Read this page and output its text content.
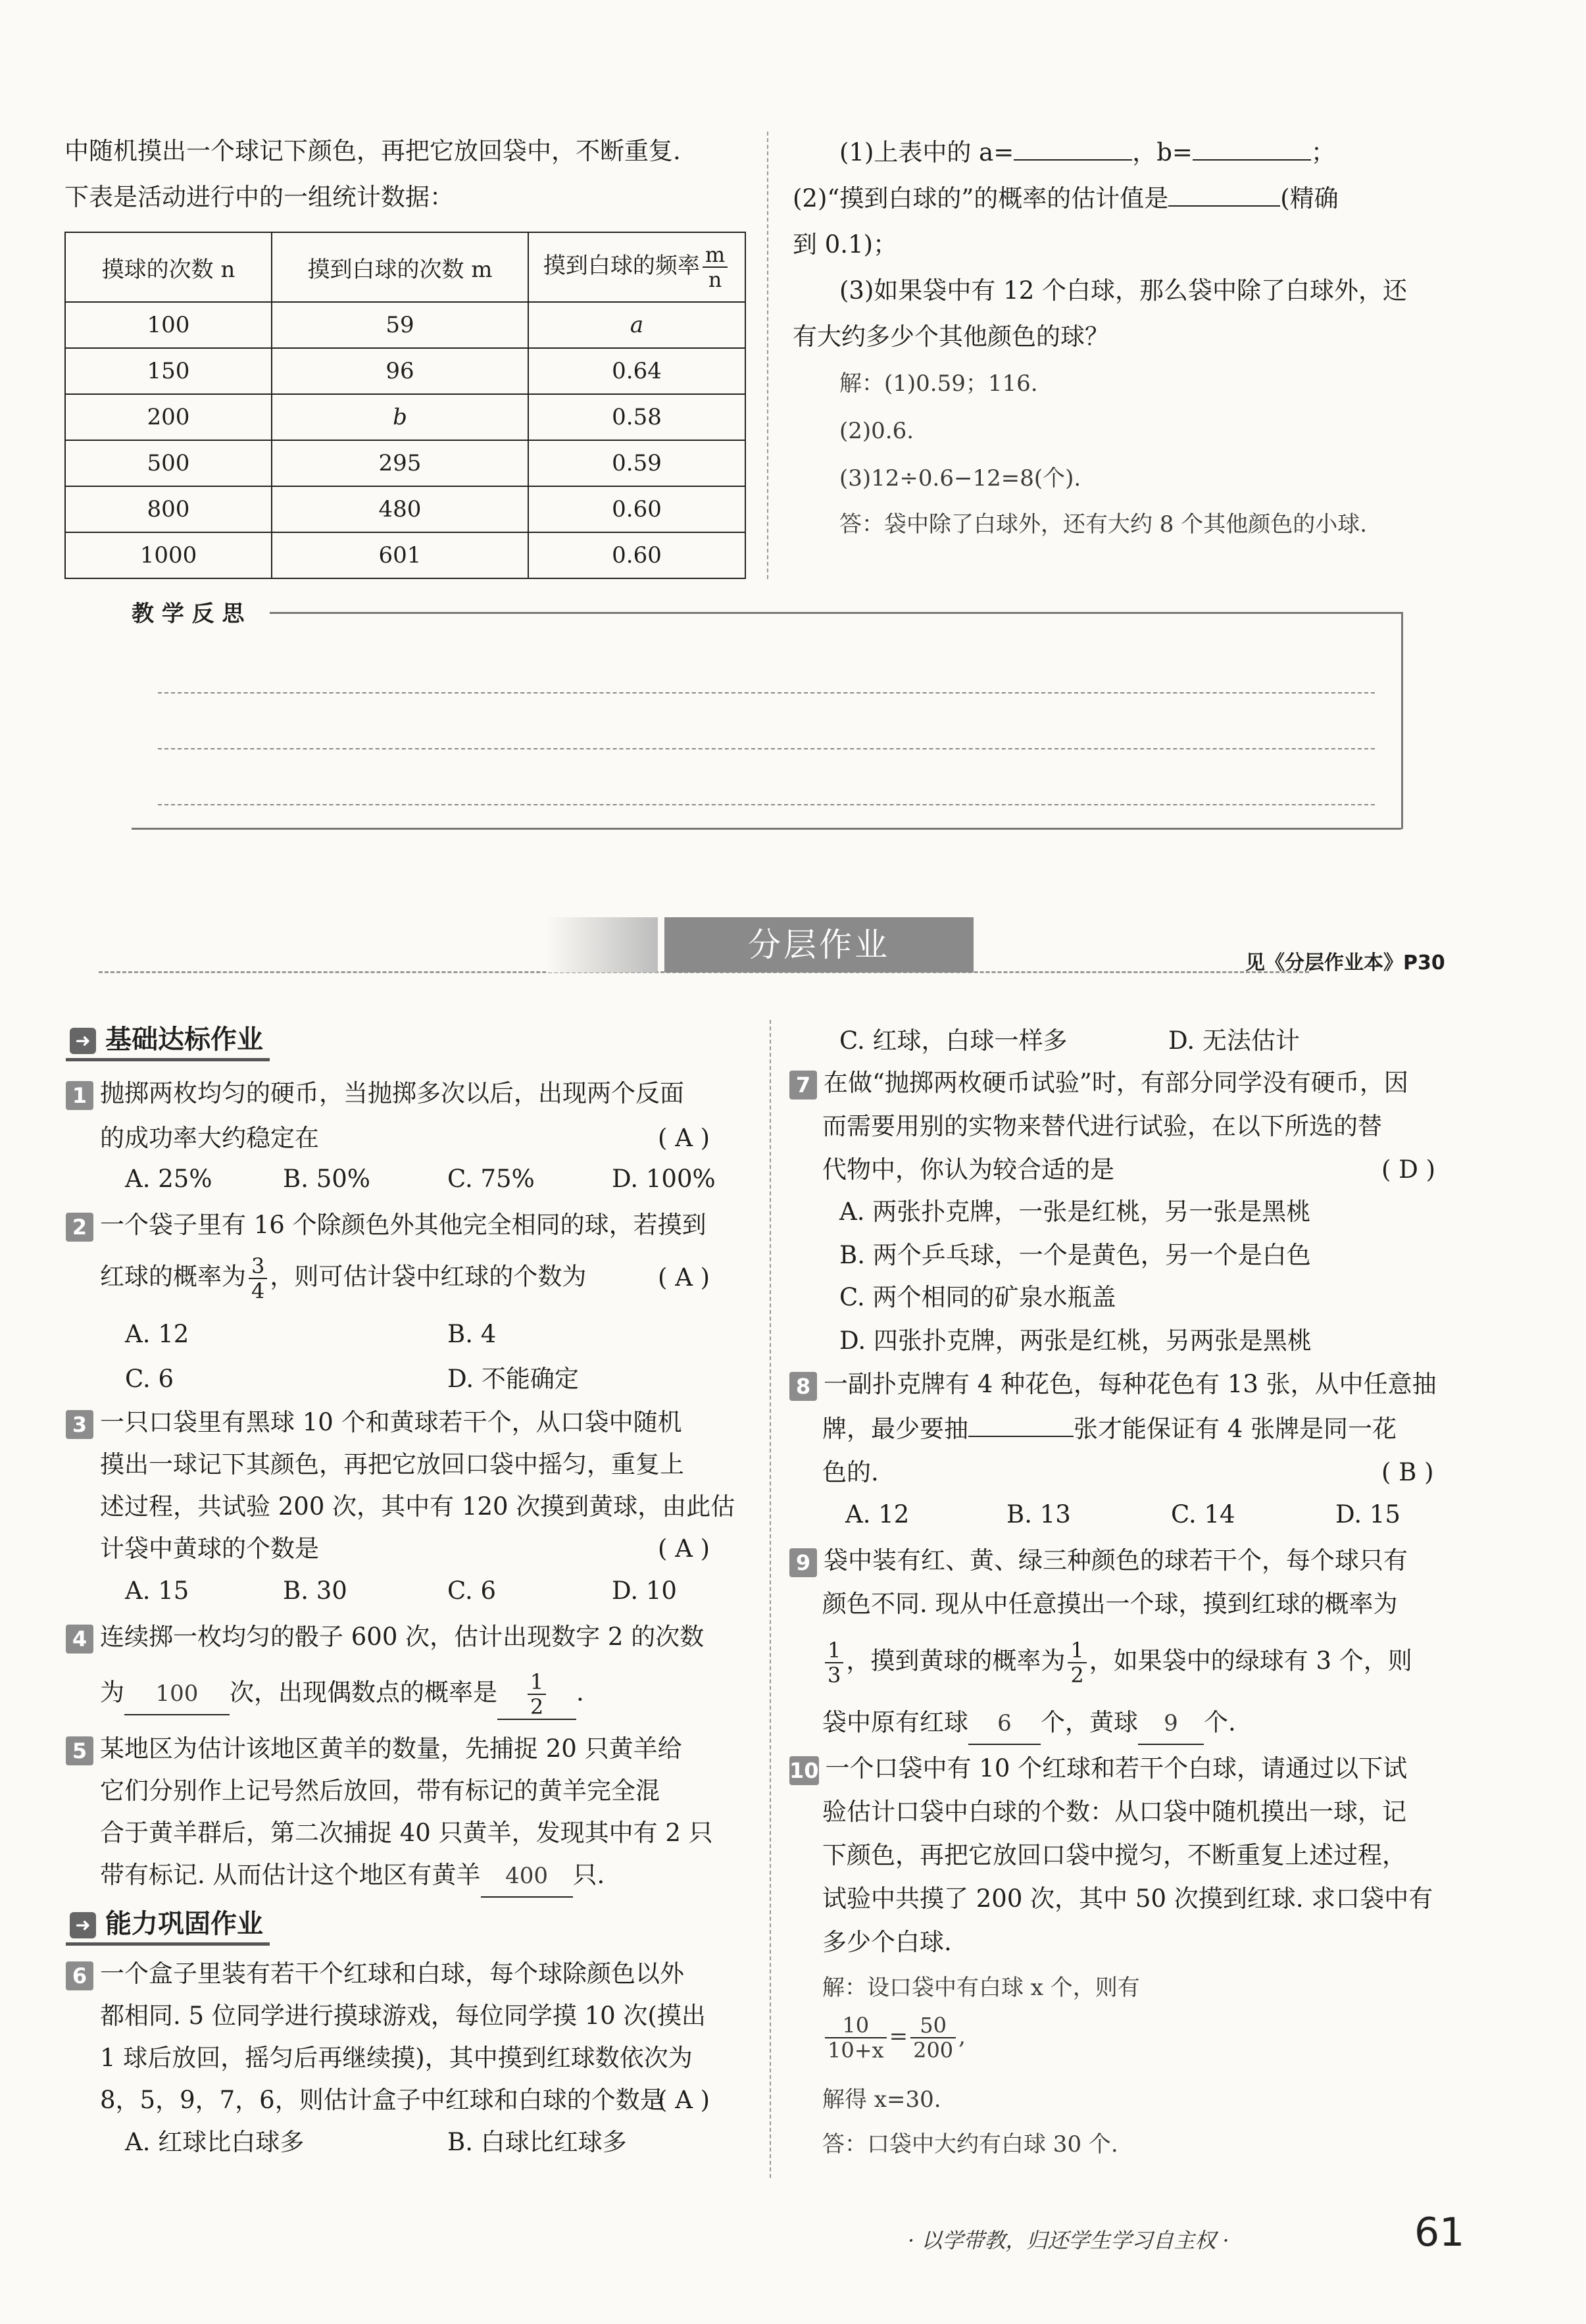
中随机摸出一个球记下颜色，再把它放回袋中，不断重复.
下表是活动进行中的一组统计数据：
摸球的次数 n	摸到白球的次数 m	摸到白球的频率 $\frac{m}{n}$

100	59	a
150	96	0.64
200	b	0.58
500	295	0.59
800	480	0.60
1000	601	0.60
(1)上表中的 a=	，b=	；
(2)“摸到白球的”的概率的估计值是	(精确
到 0.1)；
(3)如果袋中有 12 个白球，那么袋中除了白球外，还
有大约多少个其他颜色的球？
解：(1)0.59；116.
(2)0.6.
(3)12÷0.6−12=8(个).
答：袋中除了白球外，还有大约 8 个其他颜色的小球.
教 学 反 思
分层作业	见《分层作业本》P30
➜ 基础达标作业
1 抛掷两枚均匀的硬币，当抛掷多次以后，出现两个反面
的成功率大约稳定在	( A )
A. 25%	B. 50%	C. 75%	D. 100%
2 一个袋子里有 16 个除颜色外其他完全相同的球，若摸到
红球的概率为 $\frac{3}{4}$ ，则可估计袋中红球的个数为	( A )
A. 12	B. 4
C. 6	D. 不能确定
3 一只口袋里有黑球 10 个和黄球若干个，从口袋中随机
摸出一球记下其颜色，再把它放回口袋中摇匀，重复上
述过程，共试验 200 次，其中有 120 次摸到黄球，由此估
计袋中黄球的个数是	( A )
A. 15	B. 30	C. 6	D. 10
4 连续掷一枚均匀的骰子 600 次，估计出现数字 2 的次数
为 100 次，出现偶数点的概率是 $\frac{1}{2}$ .
5 某地区为估计该地区黄羊的数量，先捕捉 20 只黄羊给
它们分别作上记号然后放回，带有标记的黄羊完全混
合于黄羊群后，第二次捕捉 40 只黄羊，发现其中有 2 只
带有标记. 从而估计这个地区有黄羊 400 只.
➜ 能力巩固作业
6 一个盒子里装有若干个红球和白球，每个球除颜色以外
都相同. 5 位同学进行摸球游戏，每位同学摸 10 次(摸出
1 球后放回，摇匀后再继续摸)，其中摸到红球数依次为
8，5，9，7，6，则估计盒子中红球和白球的个数是
( A )
A. 红球比白球多	B. 白球比红球多
C. 红球，白球一样多	D. 无法估计
7 在做“抛掷两枚硬币试验”时，有部分同学没有硬币，因
而需要用别的实物来替代进行试验，在以下所选的替
代物中，你认为较合适的是	( D )
A. 两张扑克牌，一张是红桃，另一张是黑桃
B. 两个乒乓球，一个是黄色，另一个是白色
C. 两个相同的矿泉水瓶盖
D. 四张扑克牌，两张是红桃，另两张是黑桃
8 一副扑克牌有 4 种花色，每种花色有 13 张，从中任意抽
牌，最少要抽	张才能保证有 4 张牌是同一花
色的.	( B )
A. 12	B. 13	C. 14	D. 15
9 袋中装有红、黄、绿三种颜色的球若干个，每个球只有
颜色不同. 现从中任意摸出一个球，摸到红球的概率为
$\frac{1}{3}$ ，摸到黄球的概率为 $\frac{1}{2}$ ，如果袋中的绿球有 3 个，则
袋中原有红球 6 个，黄球 9 个.
10 一个口袋中有 10 个红球和若干个白球，请通过以下试
验估计口袋中白球的个数：从口袋中随机摸出一球，记
下颜色，再把它放回口袋中搅匀，不断重复上述过程，
试验中共摸了 200 次，其中 50 次摸到红球. 求口袋中有
多少个白球.
解：设口袋中有白球 x 个，则有
$\frac{10}{10+x} = \frac{50}{200}$ ,
解得 x=30.
答：口袋中大约有白球 30 个.
· 以学带教，归还学生学习自主权 ·	61
